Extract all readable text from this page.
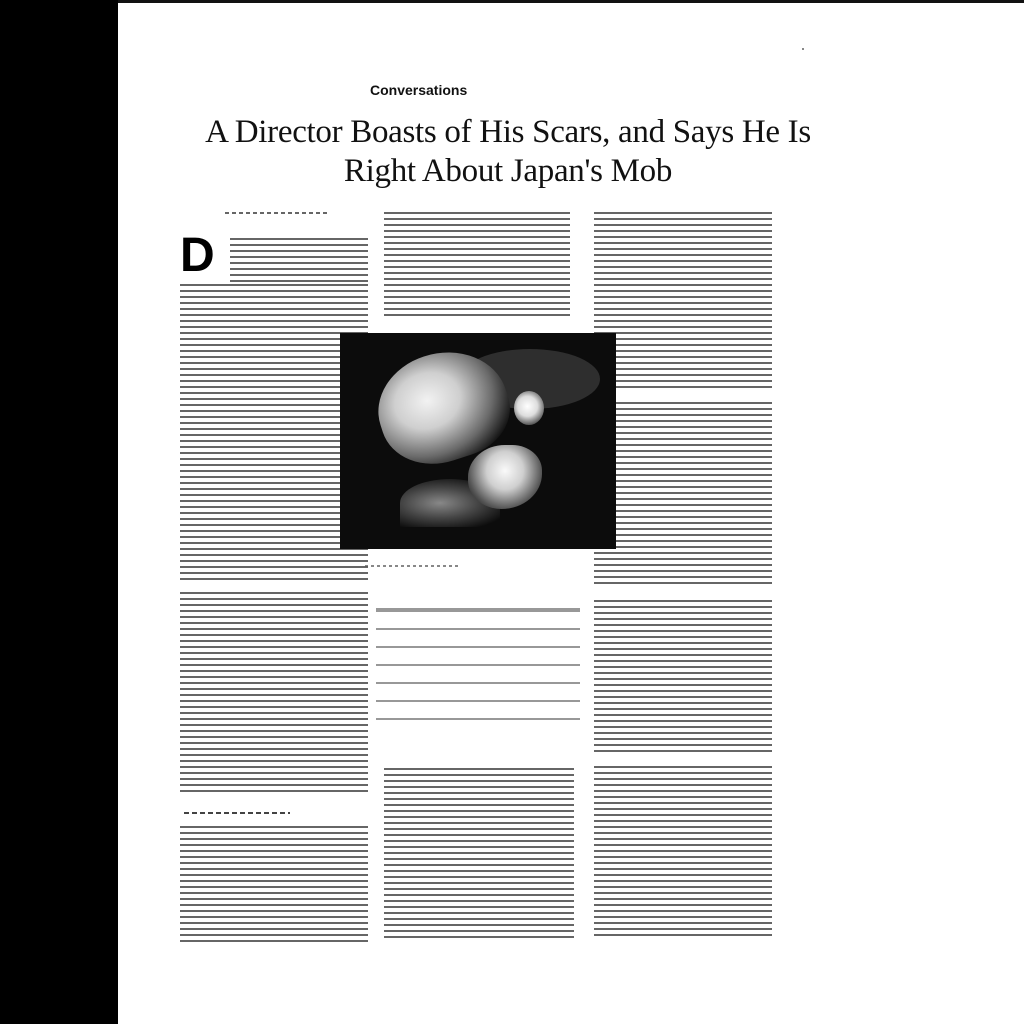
Conversations
A Director Boasts of His Scars, and Says He Is Right About Japan's Mob
D
